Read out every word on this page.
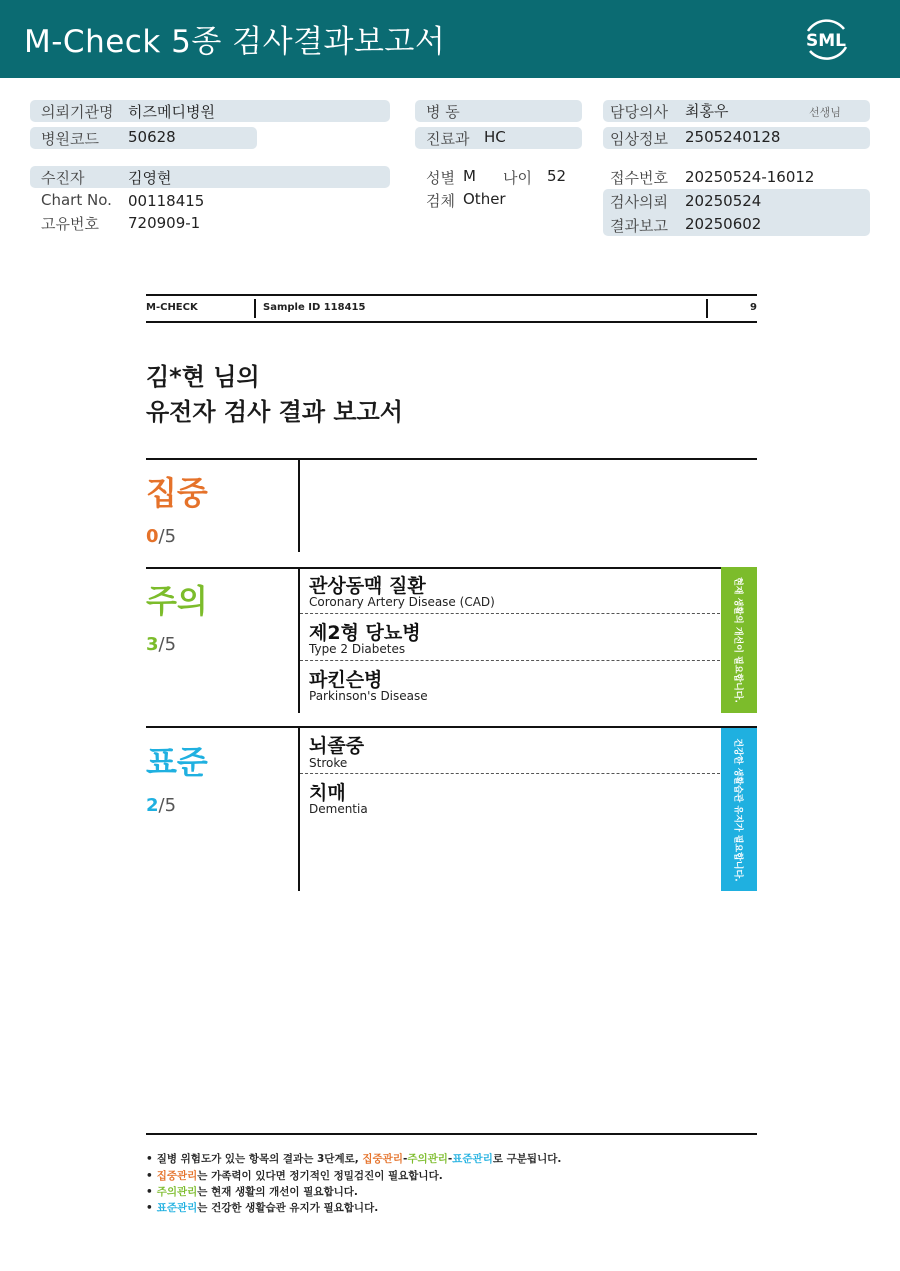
M-Check 5종 검사결과보고서	SML
의뢰기관명 히즈메디병원
병원코드 50628
수진자	김영현
Chart No. 00118415
고유번호 720909-1
병 동
진료과 HC
성별 M 나이 52
검체 Other
담당의사 최홍우	선생님
임상정보 2505240128
접수번호 20250524-16012
검사의뢰 20250524
결과보고 20250602
M-CHECK	Sample ID 118415	9
김*현 님의
유전자 검사 결과 보고서
집중
0/5
주의
3/5
관상동맥 질환
Coronary Artery Disease (CAD)
제2형 당뇨병
Type 2 Diabetes
파킨슨병
Parkinson's Disease	현재 생활의 개선이 필요합니다.
표준
2/5
뇌졸중
Stroke
치매
Dementia	건강한 생활습관 유지가 필요합니다.
• 질병 위험도가 있는 항목의 결과는 3단계로, 집중관리-주의관리-표준관리로 구분됩니다.
• 집중관리는 가족력이 있다면 정기적인 정밀검진이 필요합니다.
• 주의관리는 현재 생활의 개선이 필요합니다.
• 표준관리는 건강한 생활습관 유지가 필요합니다.
